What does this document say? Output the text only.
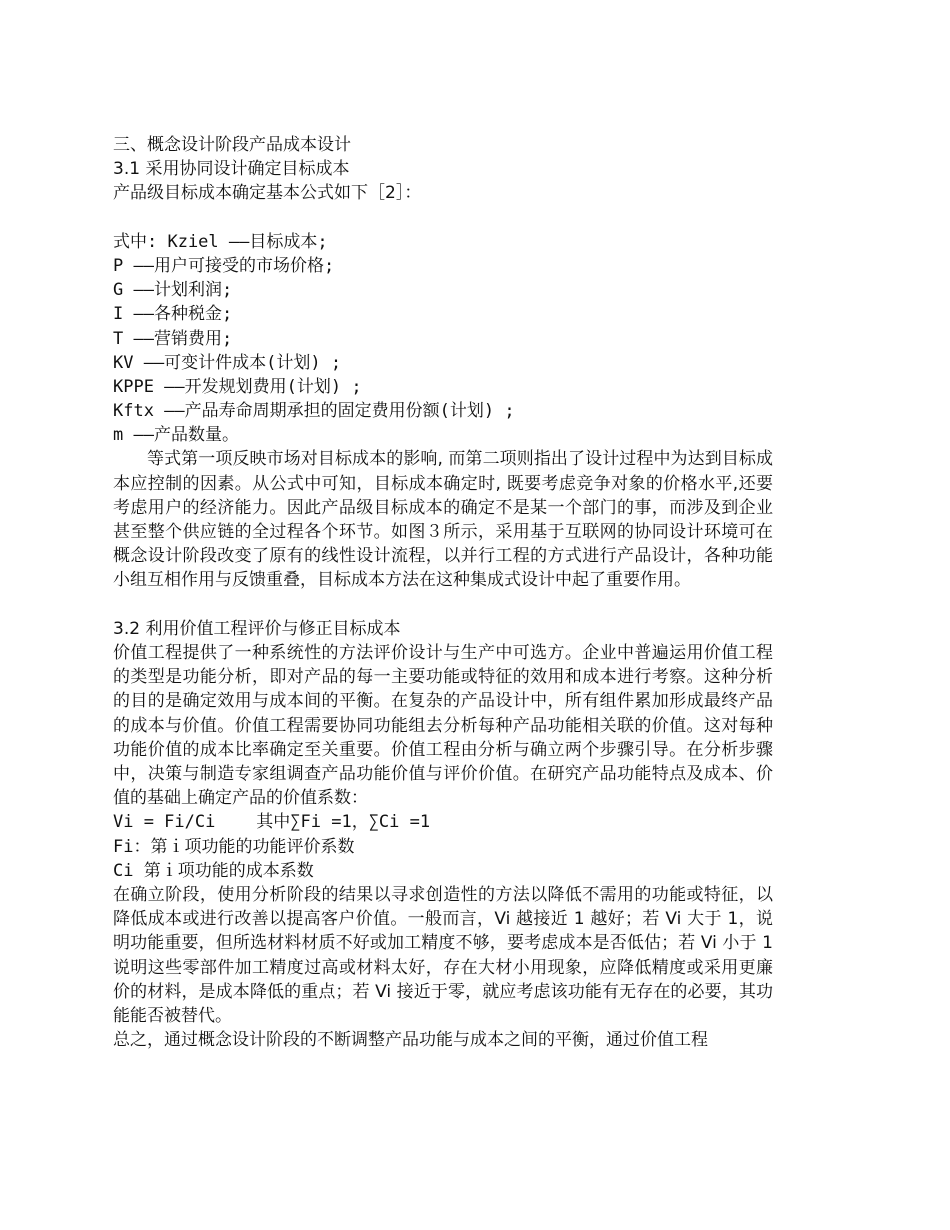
三、概念设计阶段产品成本设计
3.1 采用协同设计确定目标成本
产品级目标成本确定基本公式如下［2］：
式中: Kziel ——目标成本;
P ——用户可接受的市场价格;
G ——计划利润;
I ——各种税金;
T ——营销费用;
KV ——可变计件成本(计划) ;
KPPE ——开发规划费用(计划) ;
Kftx ——产品寿命周期承担的固定费用份额(计划) ;
m ——产品数量。

等式第一项反映市场对目标成本的影响, 而第二项则指出了设计过程中为达到目标成本应控制的因素。从公式中可知，目标成本确定时, 既要考虑竞争对象的价格水平,还要考虑用户的经济能力。因此产品级目标成本的确定不是某一个部门的事，而涉及到企业甚至整个供应链的全过程各个环节。如图３所示，采用基于互联网的协同设计环境可在概念设计阶段改变了原有的线性设计流程，以并行工程的方式进行产品设计，各种功能小组互相作用与反馈重叠，目标成本方法在这种集成式设计中起了重要作用。

3.2 利用价值工程评价与修正目标成本

价值工程提供了一种系统性的方法评价设计与生产中可选方。企业中普遍运用价值工程的类型是功能分析，即对产品的每一主要功能或特征的效用和成本进行考察。这种分析的目的是确定效用与成本间的平衡。在复杂的产品设计中，所有组件累加形成最终产品的成本与价值。价值工程需要协同功能组去分析每种产品功能相关联的价值。这对每种功能价值的成本比率确定至关重要。价值工程由分析与确立两个步骤引导。在分析步骤中，决策与制造专家组调查产品功能价值与评价价值。在研究产品功能特点及成本、价值的基础上确定产品的价值系数：

Vi = Fi/Ci    其中∑Fi =1，∑Ci =1
Fi：第ｉ项功能的功能评价系数
Ci 第ｉ项功能的成本系数

在确立阶段，使用分析阶段的结果以寻求创造性的方法以降低不需用的功能或特征，以降低成本或进行改善以提高客户价值。一般而言，Vi 越接近 1 越好；若 Vi 大于 1，说明功能重要，但所选材料材质不好或加工精度不够，要考虑成本是否低估；若 Vi 小于 1 说明这些零部件加工精度过高或材料太好，存在大材小用现象，应降低精度或采用更廉价的材料，是成本降低的重点；若 Vi 接近于零，就应考虑该功能有无存在的必要，其功能能否被替代。

总之，通过概念设计阶段的不断调整产品功能与成本之间的平衡，通过价值工程
